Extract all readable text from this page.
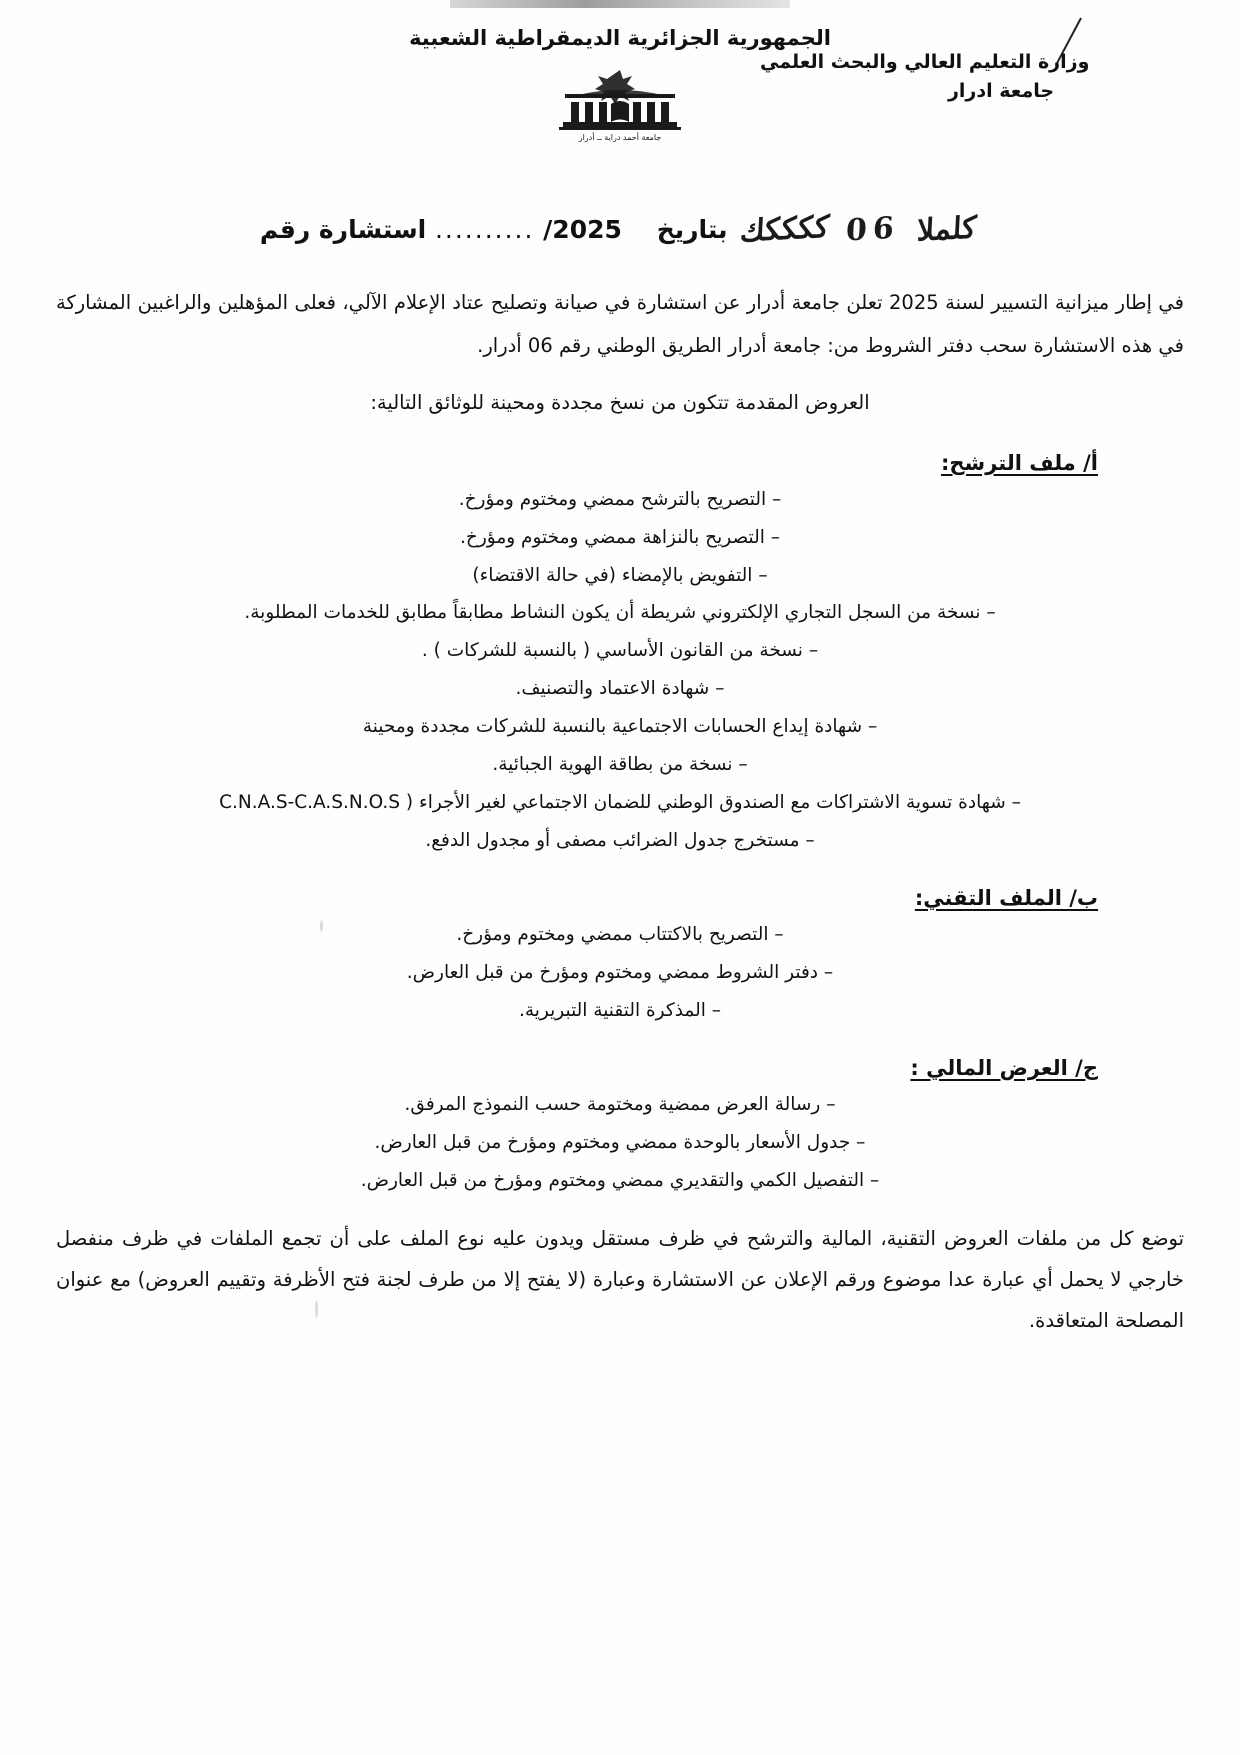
الجمهورية الجزائرية الديمقراطية الشعبية
وزارة التعليم العالي والبحث العلمي
جامعة ادرار
جامعة أحمد دراية ــ أدرار
كلملا 06 ككككك بتاريخ    2025/ .......... استشارة رقم

في إطار ميزانية التسيير لسنة 2025 تعلن جامعة أدرار عن استشارة في صيانة وتصليح عتاد الإعلام الآلي، فعلى المؤهلين والراغبين المشاركة في هذه الاستشارة سحب دفتر الشروط من: جامعة أدرار الطريق الوطني رقم 06 أدرار.

العروض المقدمة تتكون من نسخ مجددة ومحينة للوثائق التالية:

أ/ ملف الترشح:
– التصريح بالترشح ممضي ومختوم ومؤرخ.
– التصريح بالنزاهة ممضي ومختوم ومؤرخ.
– التفويض بالإمضاء (في حالة الاقتضاء)
– نسخة من السجل التجاري الإلكتروني شريطة أن يكون النشاط مطابقاً مطابق للخدمات المطلوبة.
– نسخة من القانون الأساسي ( بالنسبة للشركات ) .
– شهادة الاعتماد والتصنيف.
– شهادة إيداع الحسابات الاجتماعية بالنسبة للشركات مجددة ومحينة
– نسخة من بطاقة الهوية الجبائية.
– شهادة تسوية الاشتراكات مع الصندوق الوطني للضمان الاجتماعي لغير الأجراء ( C.N.A.S-C.A.S.N.O.S
– مستخرج جدول الضرائب مصفى أو مجدول الدفع.
ب/ الملف التقني:
– التصريح بالاكتتاب ممضي ومختوم ومؤرخ.
– دفتر الشروط ممضي ومختوم ومؤرخ من قبل العارض.
– المذكرة التقنية التبريرية.
ج/ العرض المالي :
– رسالة العرض ممضية ومختومة حسب النموذج المرفق.
– جدول الأسعار بالوحدة ممضي ومختوم ومؤرخ من قبل العارض.
– التفصيل الكمي والتقديري ممضي ومختوم ومؤرخ من قبل العارض.

توضع كل من ملفات العروض التقنية، المالية والترشح في ظرف مستقل ويدون عليه نوع الملف على أن تجمع الملفات في ظرف منفصل خارجي لا يحمل أي عبارة عدا موضوع ورقم الإعلان عن الاستشارة وعبارة (لا يفتح إلا من طرف لجنة فتح الأظرفة وتقييم العروض) مع عنوان المصلحة المتعاقدة.
